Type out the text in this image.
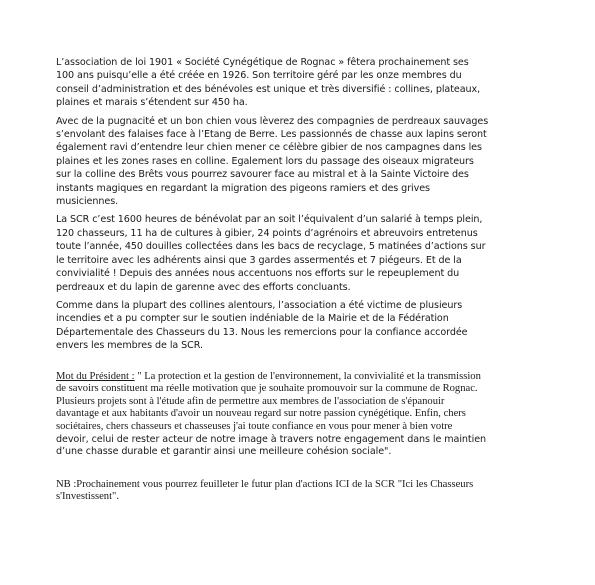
L’association de loi 1901 « Société Cynégétique de Rognac » fêtera prochainement ses
100 ans puisqu’elle a été créée en 1926. Son territoire géré par les onze membres du
conseil d’administration et des bénévoles est unique et très diversifié : collines, plateaux,
plaines et marais s’étendent sur 450 ha.

Avec de la pugnacité et un bon chien vous lèverez des compagnies de perdreaux sauvages
s’envolant des falaises face à l’Etang de Berre. Les passionnés de chasse aux lapins seront
également ravi d’entendre leur chien mener ce célèbre gibier de nos campagnes dans les
plaines et les zones rases en colline. Egalement lors du passage des oiseaux migrateurs
sur la colline des Brêts vous pourrez savourer face au mistral et à la Sainte Victoire des
instants magiques en regardant la migration des pigeons ramiers et des grives
musiciennes.

La SCR c’est 1600 heures de bénévolat par an soit l’équivalent d’un salarié à temps plein,
120 chasseurs, 11 ha de cultures à gibier, 24 points d’agrénoirs et abreuvoirs entretenus
toute l’année, 450 douilles collectées dans les bacs de recyclage, 5 matinées d’actions sur
le territoire avec les adhérents ainsi que 3 gardes assermentés et 7 piégeurs. Et de la
convivialité ! Depuis des années nous accentuons nos efforts sur le repeuplement du
perdreaux et du lapin de garenne avec des efforts concluants.

Comme dans la plupart des collines alentours, l’association a été victime de plusieurs
incendies et a pu compter sur le soutien indéniable de la Mairie et de la Fédération
Départementale des Chasseurs du 13. Nous les remercions pour la confiance accordée
envers les membres de la SCR.

Mot du Président : " La protection et la gestion de l'environnement, la convivialité et la transmission
de savoirs constituent ma réelle motivation que je souhaite promouvoir sur la commune de Rognac.
Plusieurs projets sont à l'étude afin de permettre aux membres de l'association de s'épanouir
davantage et aux habitants d'avoir un nouveau regard sur notre passion cynégétique. Enfin, chers
sociétaires, chers chasseurs et chasseuses j'ai toute confiance en vous pour mener à bien votre
devoir, celui de rester acteur de notre image à travers notre engagement dans le maintien
d’une chasse durable et garantir ainsi une meilleure cohésion sociale".

NB :Prochainement vous pourrez feuilleter le futur plan d'actions ICI de la SCR "Ici les Chasseurs
s'Investissent".
